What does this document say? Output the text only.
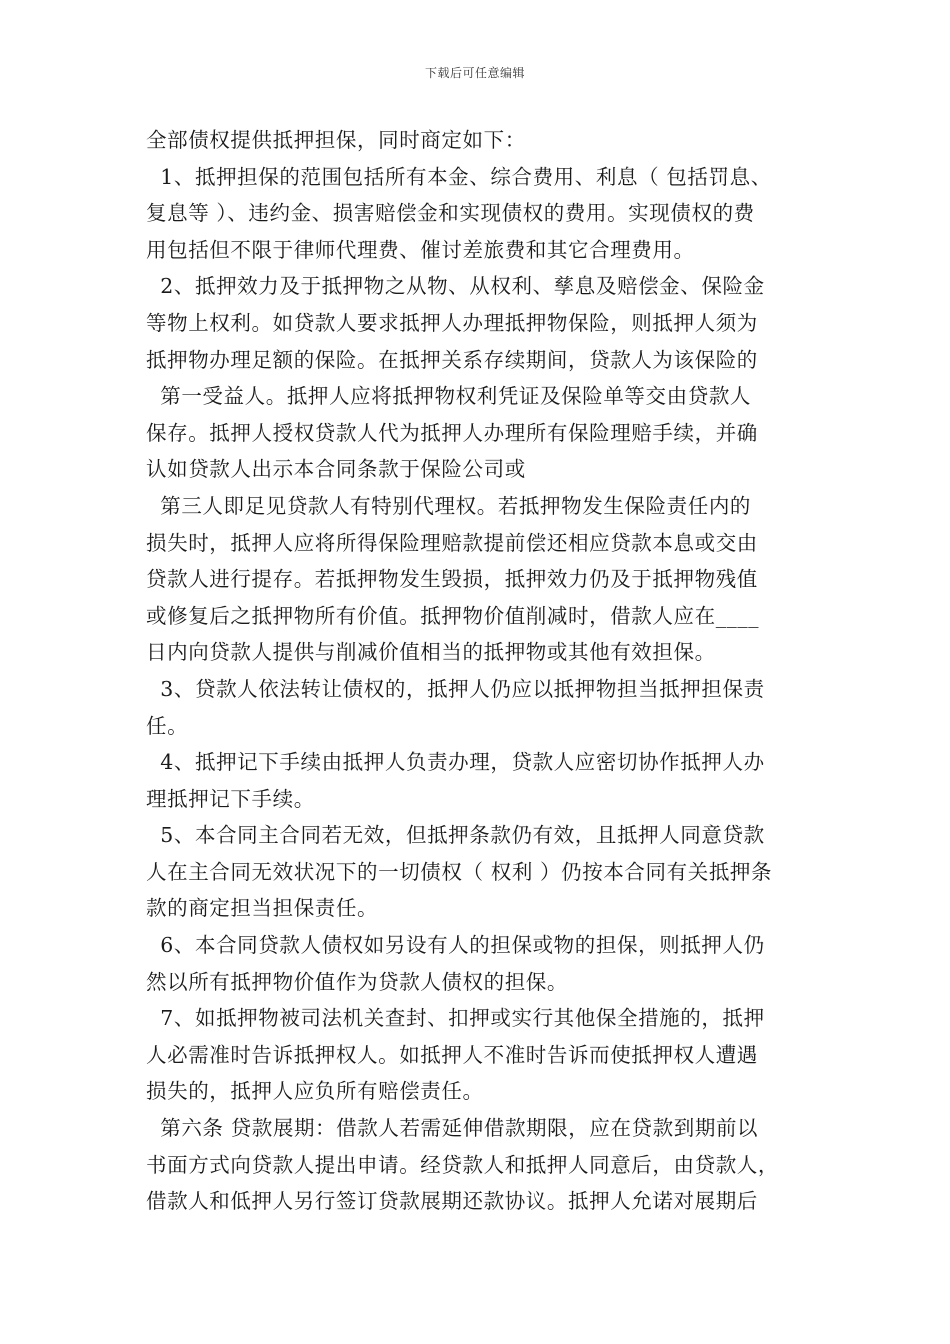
下载后可任意编辑
全部债权提供抵押担保，同时商定如下：
1、抵押担保的范围包括所有本金、综合费用、利息（ 包括罚息、
复息等 ）、违约金、损害赔偿金和实现债权的费用。实现债权的费
用包括但不限于律师代理费、催讨差旅费和其它合理费用。
2、抵押效力及于抵押物之从物、从权利、孳息及赔偿金、保险金
等物上权利。如贷款人要求抵押人办理抵押物保险，则抵押人须为
抵押物办理足额的保险。在抵押关系存续期间，贷款人为该保险的
第一受益人。抵押人应将抵押物权利凭证及保险单等交由贷款人
保存。抵押人授权贷款人代为抵押人办理所有保险理赔手续，并确
认如贷款人出示本合同条款于保险公司或
第三人即足见贷款人有特别代理权。若抵押物发生保险责任内的
损失时，抵押人应将所得保险理赔款提前偿还相应贷款本息或交由
贷款人进行提存。若抵押物发生毁损，抵押效力仍及于抵押物残值
或修复后之抵押物所有价值。抵押物价值削减时，借款人应在____
日内向贷款人提供与削减价值相当的抵押物或其他有效担保。
3、贷款人依法转让债权的，抵押人仍应以抵押物担当抵押担保责
任。
4、抵押记下手续由抵押人负责办理，贷款人应密切协作抵押人办
理抵押记下手续。
5、本合同主合同若无效，但抵押条款仍有效，且抵押人同意贷款
人在主合同无效状况下的一切债权（ 权利 ）仍按本合同有关抵押条
款的商定担当担保责任。
6、本合同贷款人债权如另设有人的担保或物的担保，则抵押人仍
然以所有抵押物价值作为贷款人债权的担保。
7、如抵押物被司法机关查封、扣押或实行其他保全措施的，抵押
人必需准时告诉抵押权人。如抵押人不准时告诉而使抵押权人遭遇
损失的，抵押人应负所有赔偿责任。
第六条 贷款展期：借款人若需延伸借款期限，应在贷款到期前以
书面方式向贷款人提出申请。经贷款人和抵押人同意后，由贷款人，
借款人和低押人另行签订贷款展期还款协议。抵押人允诺对展期后
